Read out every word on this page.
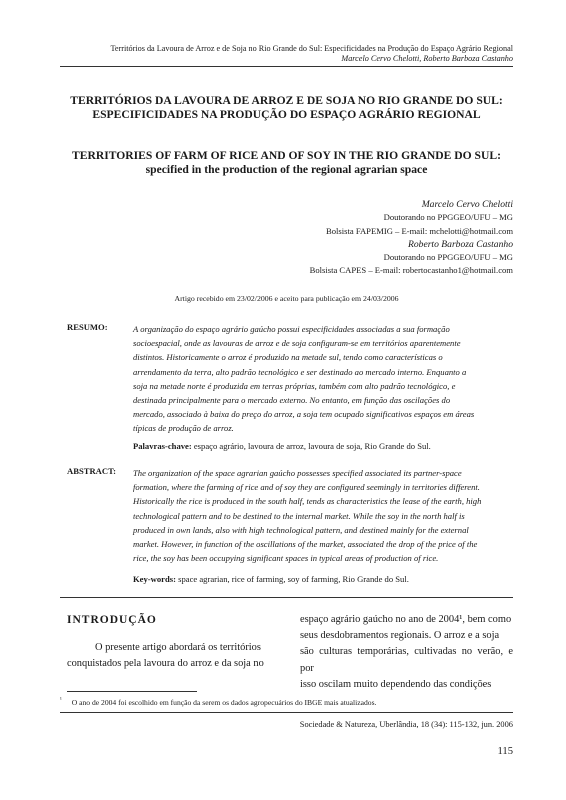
Territórios da Lavoura de Arroz e de Soja no Rio Grande do Sul: Especificidades na Produção do Espaço Agrário Regional
Marcelo Cervo Chelotti, Roberto Barboza Castanho
TERRITÓRIOS DA LAVOURA DE ARROZ E DE SOJA NO RIO GRANDE DO SUL:
ESPECIFICIDADES NA PRODUÇÃO DO ESPAÇO AGRÁRIO REGIONAL
TERRITORIES OF FARM OF RICE AND OF SOY IN THE RIO GRANDE DO SUL:
specified in the production of the regional agrarian space
Marcelo Cervo Chelotti
Doutorando no PPGGEO/UFU – MG
Bolsista FAPEMIG – E-mail: mchelotti@hotmail.com
Roberto Barboza Castanho
Doutorando no PPGGEO/UFU – MG
Bolsista CAPES – E-mail: robertocastanho1@hotmail.com
Artigo recebido em 23/02/2006 e aceito para publicação em 24/03/2006
RESUMO:	A organização do espaço agrário gaúcho possui especificidades associadas a sua formação
socioespacial, onde as lavouras de arroz e de soja configuram-se em territórios aparentemente
distintos. Historicamente o arroz é produzido na metade sul, tendo como características o
arrendamento da terra, alto padrão tecnológico e ser destinado ao mercado interno. Enquanto a
soja na metade norte é produzida em terras próprias, também com alto padrão tecnológico, e
destinada principalmente para o mercado externo. No entanto, em função das oscilações do
mercado, associado à baixa do preço do arroz, a soja tem ocupado significativos espaços em áreas
típicas de produção de arroz.
Palavras-chave: espaço agrário, lavoura de arroz, lavoura de soja, Rio Grande do Sul.
ABSTRACT: The organization of the space agrarian gaúcho possesses specified associated its partner-space
formation, where the farming of rice and of soy they are configured seemingly in territories different.
Historically the rice is produced in the south half, tends as characteristics the lease of the earth, high
technological pattern and to be destined to the internal market. While the soy in the north half is
produced in own lands, also with high technological pattern, and destined mainly for the external
market. However, in function of the oscillations of the market, associated the drop of the price of the
rice, the soy has been occupying significant spaces in typical areas of production of rice.
Key-words: space agrarian, rice of farming, soy of farming, Rio Grande do Sul.
INTRODUÇÃO
O presente artigo abordará os territórios
conquistados pela lavoura do arroz e da soja no
espaço agrário gaúcho no ano de 2004¹, bem como
seus desdobramentos regionais. O arroz e a soja
são culturas temporárias, cultivadas no verão, e por
isso oscilam muito dependendo das condições
$^{^1}$ O ano de 2004 foi escolhido em função da serem os dados agropecuários do IBGE mais atualizados.
Sociedade & Natureza, Uberlândia, 18 (34): 115-132, jun. 2006
115
